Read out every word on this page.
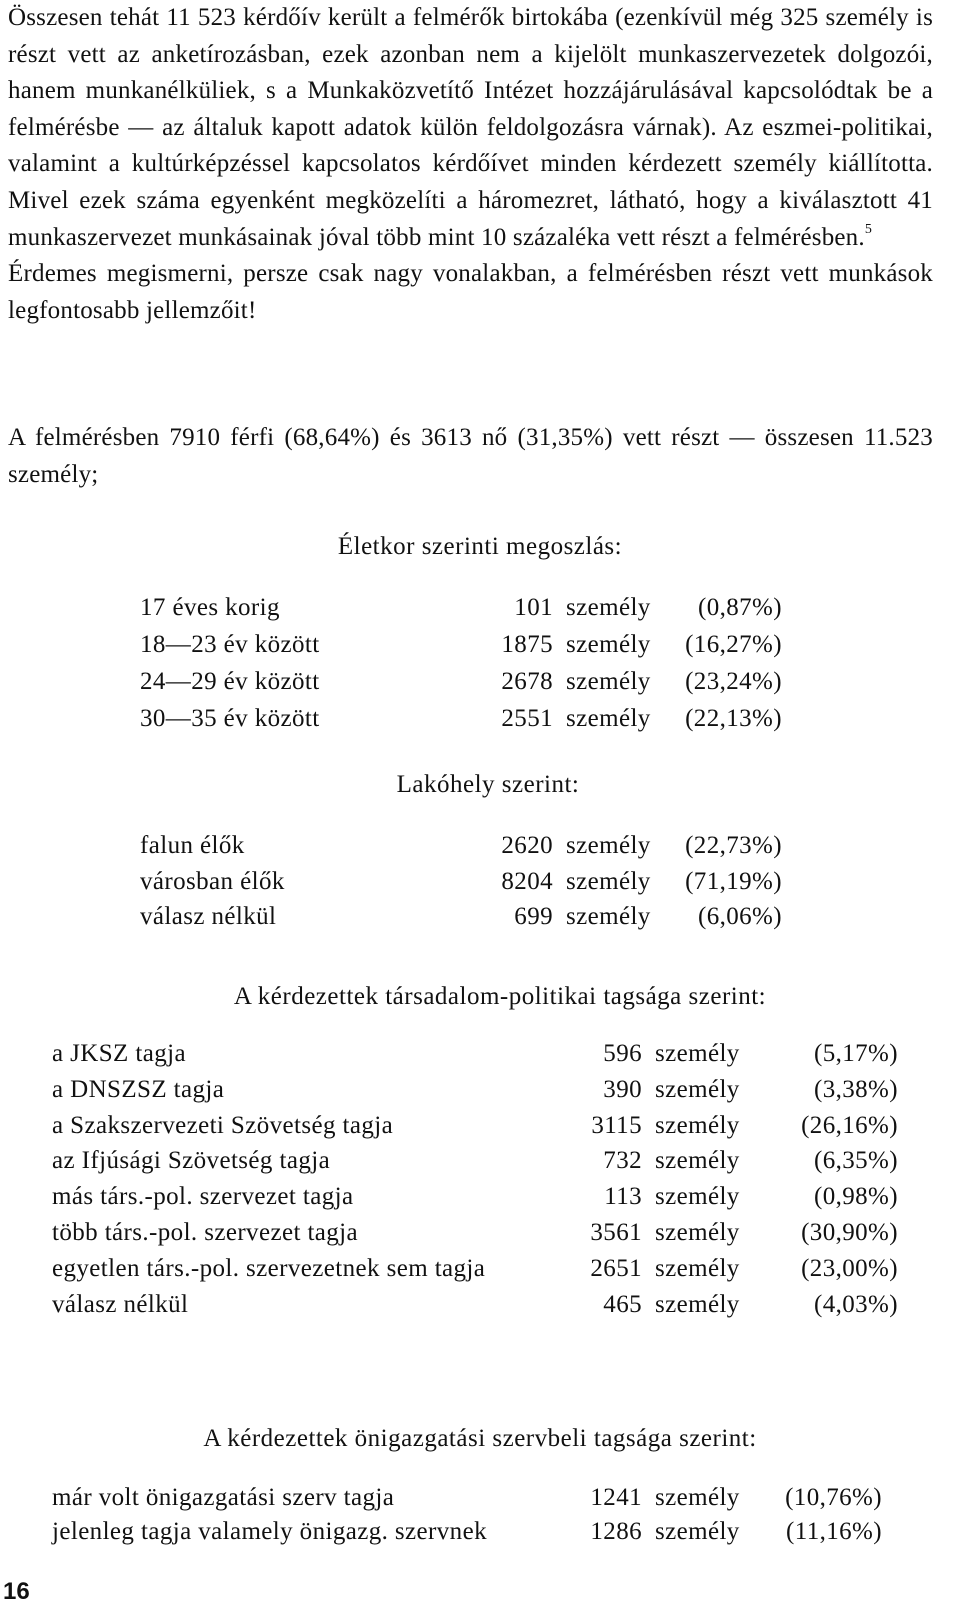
Összesen tehát 11 523 kérdőív került a felmérők birtokába (ezenkívül még 325 személy is részt vett az anketírozásban, ezek azonban nem a kijelölt munkaszervezetek dolgozói, hanem munkanélküliek, s a Munkaközvetítő Intézet hozzájárulásával kapcsolódtak be a felmérésbe — az általuk kapott adatok külön feldolgozásra várnak). Az eszmei-politikai, valamint a kultúrképzéssel kapcsolatos kérdőívet minden kérdezett személy kiállította. Mivel ezek száma egyenként megközelíti a háromezret, látható, hogy a kiválasztott 41 munkaszervezet munkásainak jóval több mint 10 százaléka vett részt a felmérésben.$^5$

Érdemes megismerni, persze csak nagy vonalakban, a felmérésben részt vett munkások legfontosabb jellemzőit!

A felmérésben 7910 férfi (68,64%) és 3613 nő (31,35%) vett részt — összesen 11.523 személy;

Életkor szerinti megoszlás:
Lakóhely szerint:
A kérdezettek társadalom-politikai tagsága szerint:
17 éves korig	101 személy (0,87%)
18—23 év között	1875 személy (16,27%)
24—29 év között	2678 személy (23,24%)
30—35 év között	2551 személy (22,13%)
falun élők	2620 személy (22,73%)
városban élők	8204 személy (71,19%)
válasz nélkül	699 személy (6,06%)
a JKSZ tagja	596 személy	(5,17%)
a DNSZSZ tagja	390 személy	(3,38%)
a Szakszervezeti Szövetség tagja	3115 személy (26,16%)
az Ifjúsági Szövetség tagja	732 személy	(6,35%)
más társ.-pol. szervezet tagja	113 személy	(0,98%)
több társ.-pol. szervezet tagja	3561 személy (30,90%)
egyetlen társ.-pol. szervezetnek sem tagja	2651 személy (23,00%)
válasz nélkül	465 személy	(4,03%)
már volt önigazgatási szerv tagja	1241 személy (10,76%)
jelenleg tagja valamely önigazg. szervnek	1286 személy (11,16%)
16
A kérdezettek önigazgatási szervbeli tagsága szerint:
